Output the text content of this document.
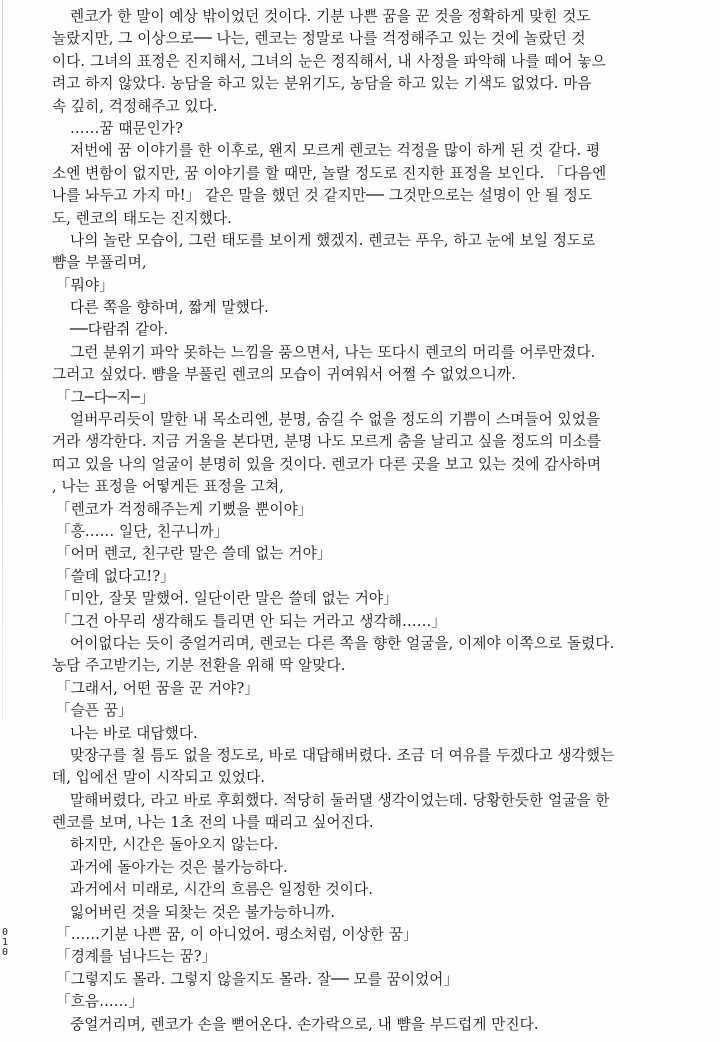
렌코가 한 말이 예상 밖이었던 것이다. 기분 나쁜 꿈을 꾼 것을 정확하게 맞힌 것도
놀랐지만, 그 이상으로── 나는, 렌코는 정말로 나를 걱정해주고 있는 것에 놀랐던 것
이다. 그녀의 표정은 진지해서, 그녀의 눈은 정직해서, 내 사정을 파악해 나를 떼어 놓으
려고 하지 않았다. 농담을 하고 있는 분위기도, 농담을 하고 있는 기색도 없었다. 마음
속 깊히, 걱정해주고 있다.
……꿈 때문인가?
저번에 꿈 이야기를 한 이후로, 왠지 모르게 렌코는 걱정을 많이 하게 된 것 같다. 평
소엔 변함이 없지만, 꿈 이야기를 할 때만, 놀랄 정도로 진지한 표정을 보인다. 「다음엔
나를 놔두고 가지 마!」 같은 말을 했던 것 같지만── 그것만으로는 설명이 안 될 정도
도, 렌코의 태도는 진지했다.
나의 놀란 모습이, 그런 태도를 보이게 했겠지. 렌코는 푸우, 하고 눈에 보일 정도로
뺨을 부풀리며,
「뭐야」
다른 쪽을 향하며, 짧게 말했다.
──다람쥐 같아.
그런 분위기 파악 못하는 느낌을 품으면서, 나는 또다시 렌코의 머리를 어루만졌다.
그러고 싶었다. 뺨을 부풀린 렌코의 모습이 귀여워서 어쩔 수 없었으니까.
「그─다─지─」
얼버무리듯이 말한 내 목소리엔, 분명, 숨길 수 없을 정도의 기쁨이 스며들어 있었을
거라 생각한다. 지금 거울을 본다면, 분명 나도 모르게 춤을 날리고 싶을 정도의 미소를
띠고 있을 나의 얼굴이 분명히 있을 것이다. 렌코가 다른 곳을 보고 있는 것에 감사하며
, 나는 표정을 어떻게든 표정을 고쳐,
「렌코가 걱정해주는게 기뻤을 뿐이야」
「흥…… 일단, 친구니까」
「어머 렌코, 친구란 말은 쓸데 없는 거야」
「쓸데 없다고!?」
「미안, 잘못 말했어. 일단이란 말은 쓸데 없는 거야」
「그건 아무리 생각해도 틀리면 안 되는 거라고 생각해……」
어이없다는 듯이 중얼거리며, 렌코는 다른 쪽을 향한 얼굴을, 이제야 이쪽으로 돌렸다.
농담 주고받기는, 기분 전환을 위해 딱 알맞다.
「그래서, 어떤 꿈을 꾼 거야?」
「슬픈 꿈」
나는 바로 대답했다.
맞장구를 칠 틈도 없을 정도로, 바로 대답해버렸다. 조금 더 여유를 두겠다고 생각했는
데, 입에선 말이 시작되고 있었다.
말해버렸다, 라고 바로 후회했다. 적당히 둘러댈 생각이었는데. 당황한듯한 얼굴을 한
렌코를 보며, 나는 1초 전의 나를 때리고 싶어진다.
하지만, 시간은 돌아오지 않는다.
과거에 돌아가는 것은 불가능하다.
과거에서 미래로, 시간의 흐름은 일정한 것이다.
잃어버린 것을 되찾는 것은 불가능하니까.
「……기분 나쁜 꿈, 이 아니었어. 평소처럼, 이상한 꿈」
「경계를 넘나드는 꿈?」
「그렇지도 몰라. 그렇지 않을지도 몰라. 잘── 모를 꿈이었어」
「흐음……」
중얼거리며, 렌코가 손을 뻗어온다. 손가락으로, 내 뺨을 부드럽게 만진다.
010
